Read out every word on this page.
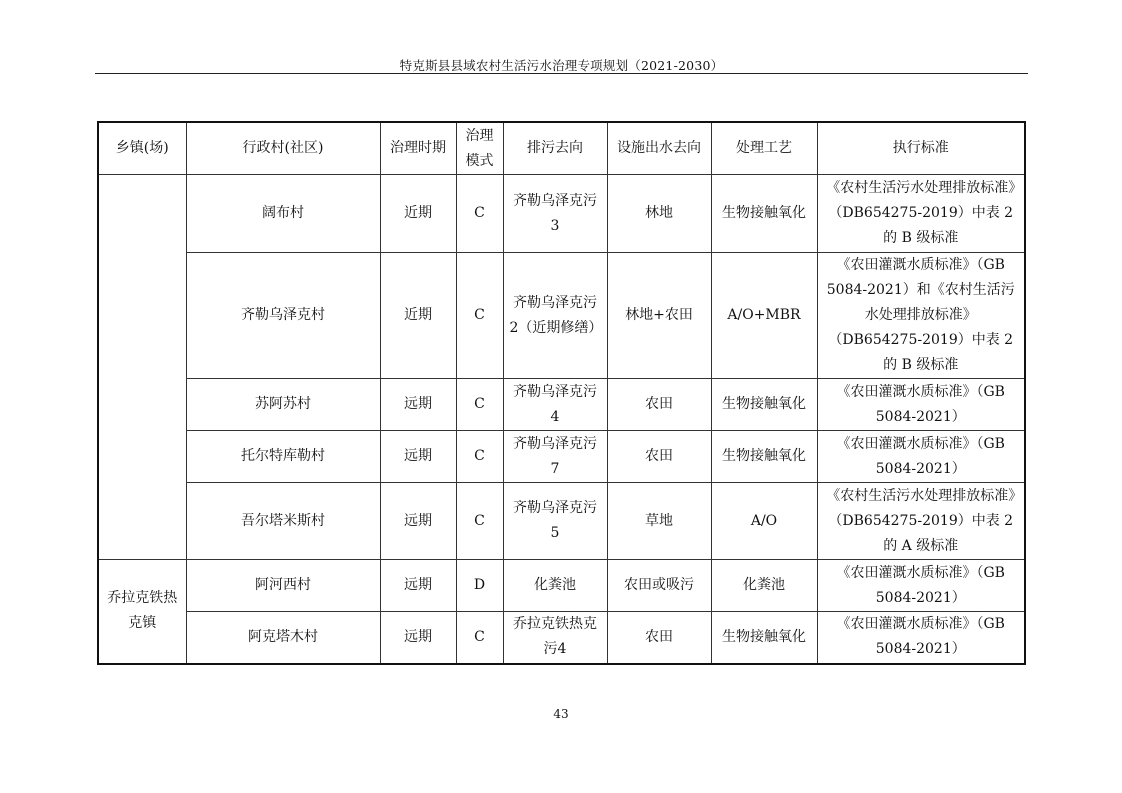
特克斯县县域农村生活污水治理专项规划（2021-2030）
乡镇(场)	行政村(社区)	治理时期	治理模式	排污去向	设施出水去向	处理工艺	执行标准
	阔布村	近期	C	齐勒乌泽克污3	林地	生物接触氧化	《农村生活污水处理排放标准》（DB654275-2019）中表 2 的 B 级标准
	齐勒乌泽克村	近期	C	齐勒乌泽克污2（近期修缮）	林地+农田	A/O+MBR	《农田灌溉水质标准》（GB 5084-2021）和《农村生活污水处理排放标准》（DB654275-2019）中表 2 的 B 级标准
	苏阿苏村	远期	C	齐勒乌泽克污4	农田	生物接触氧化	《农田灌溉水质标准》（GB 5084-2021）
	托尔特库勒村	远期	C	齐勒乌泽克污7	农田	生物接触氧化	《农田灌溉水质标准》（GB 5084-2021）
	吾尔塔米斯村	远期	C	齐勒乌泽克污5	草地	A/O	《农村生活污水处理排放标准》（DB654275-2019）中表 2 的 A 级标准
乔拉克铁热克镇	阿河西村	远期	D	化粪池	农田或吸污	化粪池	《农田灌溉水质标准》（GB 5084-2021）
	阿克塔木村	远期	C	乔拉克铁热克污4	农田	生物接触氧化	《农田灌溉水质标准》（GB 5084-2021）
43
